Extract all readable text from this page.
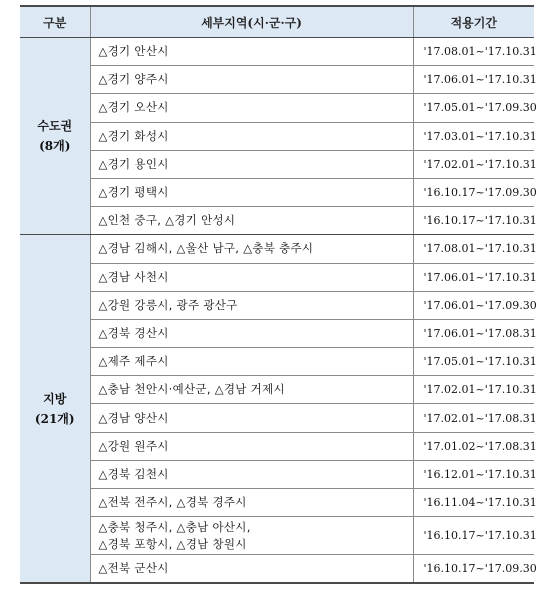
구분	세부지역(시·군·구)	적용기간

수도권
(8개)	△경기 안산시	'17.08.01~'17.10.31
	△경기 양주시	'17.06.01~'17.10.31
	△경기 오산시	'17.05.01~'17.09.30
	△경기 화성시	'17.03.01~'17.10.31
	△경기 용인시	'17.02.01~'17.10.31
	△경기 평택시	'16.10.17~'17.09.30
	△인천 중구, △경기 안성시	'16.10.17~'17.10.31

지방
(21개)	△경남 김해시, △울산 남구, △충북 충주시	'17.08.01~'17.10.31
	△경남 사천시	'17.06.01~'17.10.31
	△강원 강릉시, 광주 광산구	'17.06.01~'17.09.30
	△경북 경산시	'17.06.01~'17.08.31
	△제주 제주시	'17.05.01~'17.10.31
	△충남 천안시·예산군, △경남 거제시	'17.02.01~'17.10.31
	△경남 양산시	'17.02.01~'17.08.31
	△강원 원주시	'17.01.02~'17.08.31
	△경북 김천시	'16.12.01~'17.10.31
	△전북 전주시, △경북 경주시	'16.11.04~'17.10.31

	△충북 청주시, △충남 아산시,
△경북 포항시, △경남 창원시	'16.10.17~'17.10.31
	△전북 군산시	'16.10.17~'17.09.30
